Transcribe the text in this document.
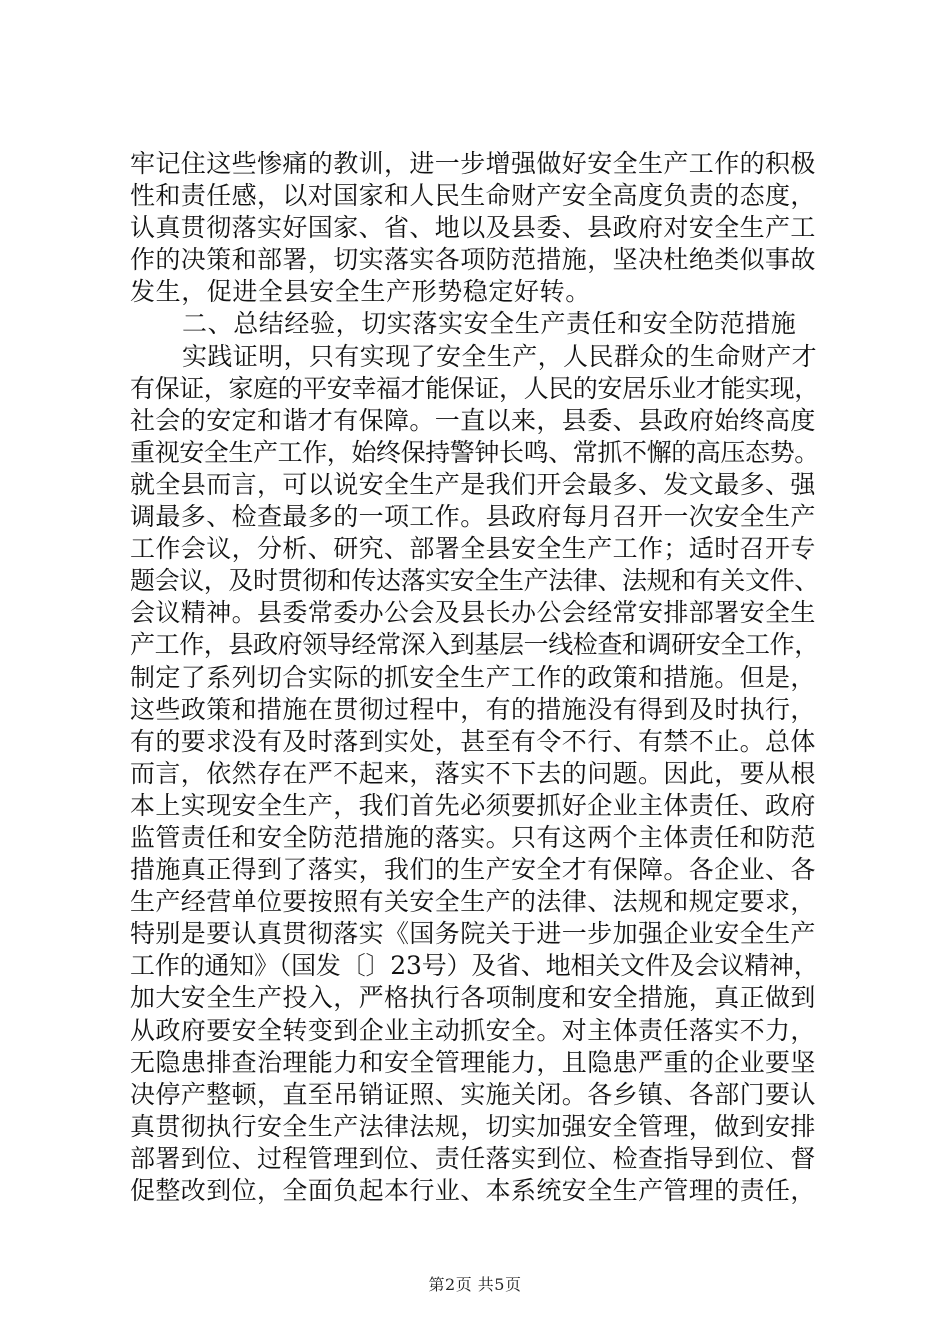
牢记住这些惨痛的教训，进一步增强做好安全生产工作的积极
性和责任感，以对国家和人民生命财产安全高度负责的态度，
认真贯彻落实好国家、省、地以及县委、县政府对安全生产工
作的决策和部署，切实落实各项防范措施，坚决杜绝类似事故
发生，促进全县安全生产形势稳定好转。
二、总结经验，切实落实安全生产责任和安全防范措施
实践证明，只有实现了安全生产，人民群众的生命财产才
有保证，家庭的平安幸福才能保证，人民的安居乐业才能实现，
社会的安定和谐才有保障。一直以来，县委、县政府始终高度
重视安全生产工作，始终保持警钟长鸣、常抓不懈的高压态势。
就全县而言，可以说安全生产是我们开会最多、发文最多、强
调最多、检查最多的一项工作。县政府每月召开一次安全生产
工作会议，分析、研究、部署全县安全生产工作；适时召开专
题会议，及时贯彻和传达落实安全生产法律、法规和有关文件、
会议精神。县委常委办公会及县长办公会经常安排部署安全生
产工作，县政府领导经常深入到基层一线检查和调研安全工作，
制定了系列切合实际的抓安全生产工作的政策和措施。但是，
这些政策和措施在贯彻过程中，有的措施没有得到及时执行，
有的要求没有及时落到实处，甚至有令不行、有禁不止。总体
而言，依然存在严不起来，落实不下去的问题。因此，要从根
本上实现安全生产，我们首先必须要抓好企业主体责任、政府
监管责任和安全防范措施的落实。只有这两个主体责任和防范
措施真正得到了落实，我们的生产安全才有保障。各企业、各
生产经营单位要按照有关安全生产的法律、法规和规定要求，
特别是要认真贯彻落实《国务院关于进一步加强企业安全生产
工作的通知》（国发〔〕23号）及省、地相关文件及会议精神，
加大安全生产投入，严格执行各项制度和安全措施，真正做到
从政府要安全转变到企业主动抓安全。对主体责任落实不力，
无隐患排查治理能力和安全管理能力，且隐患严重的企业要坚
决停产整顿，直至吊销证照、实施关闭。各乡镇、各部门要认
真贯彻执行安全生产法律法规，切实加强安全管理，做到安排
部署到位、过程管理到位、责任落实到位、检查指导到位、督
促整改到位，全面负起本行业、本系统安全生产管理的责任，
第2页 共5页
